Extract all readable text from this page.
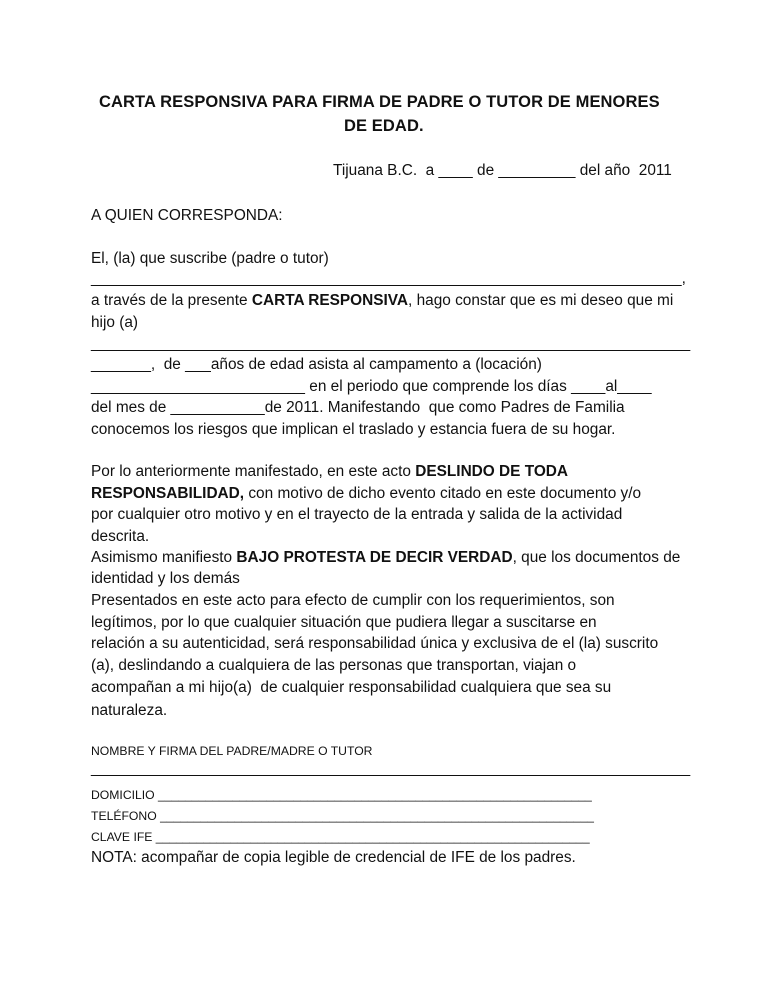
CARTA RESPONSIVA PARA FIRMA DE PADRE O TUTOR DE MENORES
DE EDAD.
Tijuana B.C.  a ____ de _________ del año  2011
A QUIEN CORRESPONDA:
El, (la) que suscribe (padre o tutor)
_____________________________________________________________________,
a través de la presente CARTA RESPONSIVA, hago constar que es mi deseo que mi
hijo (a)
______________________________________________________________________
_______,  de ___años de edad asista al campamento a (locación)
_________________________ en el periodo que comprende los días ____al____
del mes de ___________de 2011. Manifestando  que como Padres de Familia
conocemos los riesgos que implican el traslado y estancia fuera de su hogar.
Por lo anteriormente manifestado, en este acto DESLINDO DE TODA
RESPONSABILIDAD, con motivo de dicho evento citado en este documento y/o
por cualquier otro motivo y en el trayecto de la entrada y salida de la actividad
descrita.
Asimismo manifiesto BAJO PROTESTA DE DECIR VERDAD, que los documentos de
identidad y los demás
Presentados en este acto para efecto de cumplir con los requerimientos, son
legítimos, por lo que cualquier situación que pudiera llegar a suscitarse en
relación a su autenticidad, será responsabilidad única y exclusiva de el (la) suscrito
(a), deslindando a cualquiera de las personas que transportan, viajan o
acompañan a mi hijo(a)  de cualquier responsabilidad cualquiera que sea su
naturaleza.
NOMBRE Y FIRMA DEL PADRE/MADRE O TUTOR
______________________________________________________________________
DOMICILIO ________________________________________________________________
TELÉFONO ________________________________________________________________
CLAVE IFE ________________________________________________________________
NOTA: acompañar de copia legible de credencial de IFE de los padres.
